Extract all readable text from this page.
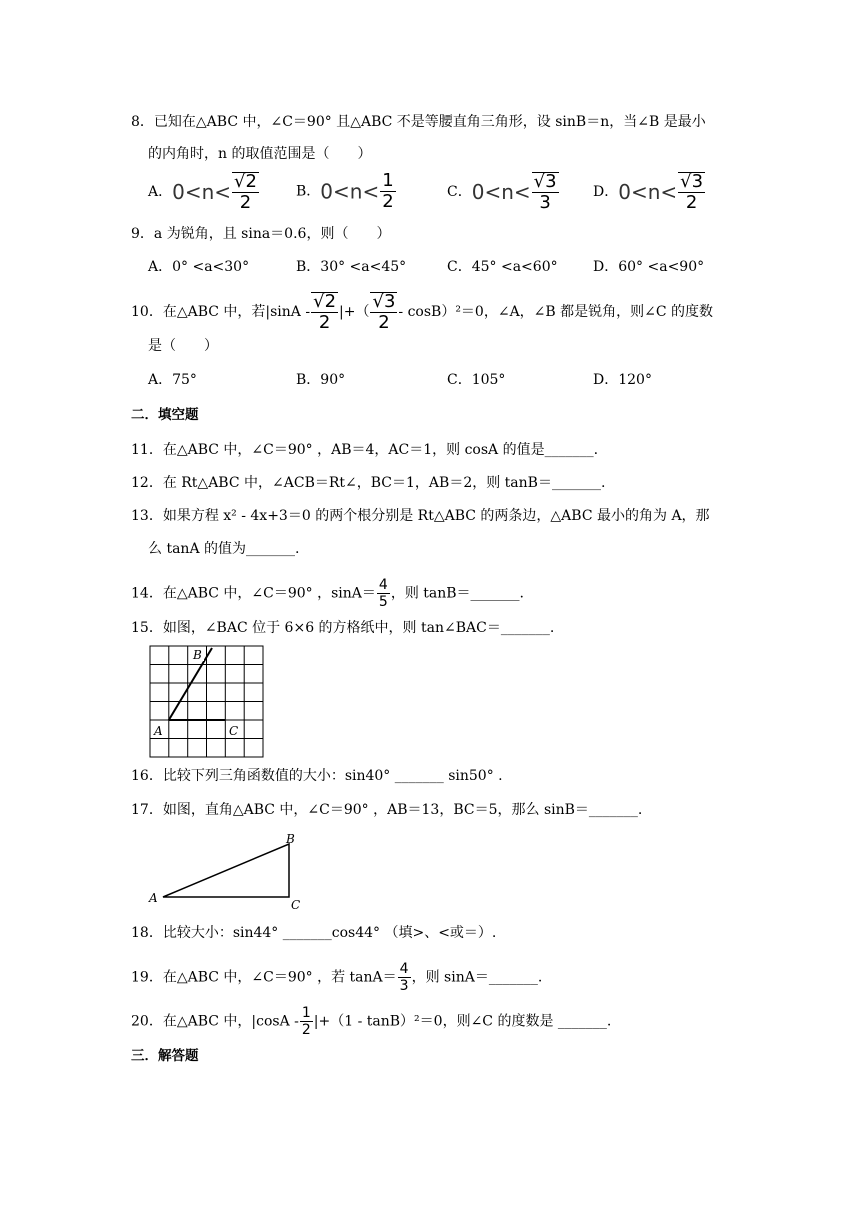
8．已知在△ABC 中，∠C＝90° 且△ABC 不是等腰直角三角形，设 sinB＝n，当∠B 是最小
的内角时，n 的取值范围是（　　）
A．$0<n< \frac{√2}{2}$	B．$0<n< \frac{1}{2}$	C．$0<n< \frac{√3}{3}$ D．$0<n< \frac{√3}{2}$
9．a 为锐角，且 sina＝0.6，则（　　）
A．0° <a<30°	B．30° <a<45°	C．45° <a<60°	D．60° <a<90°
10．在△ABC 中，若$|\sin A - \frac{√2}{2}$ |+（ $\frac{√3}{2} - \cos B)^2=0$，∠A，∠B 都是锐角，则∠C 的度数
是（　　）
A．75°	B．90°	C．105°	D．120°
二．填空题
11．在△ABC 中，∠C＝90° ，AB＝4，AC＝1，则 cosA 的值是_______.
12．在 Rt△ABC 中，∠ACB＝Rt∠，BC＝1，AB＝2，则 tanB＝_______.
13．如果方程 x² - 4x+3＝0 的两个根分别是 Rt△ABC 的两条边，△ABC 最小的角为 A，那
么 tanA 的值为_______.
14．在△ABC 中，∠C＝90° ，$\sin A= \frac{4}{5}$ ，则 tanB＝_______.
15．如图，∠BAC 位于 6×6 的方格纸中，则 tan∠BAC＝_______.
B
A	C
16．比较下列三角函数值的大小：sin40° _______ sin50° .
17．如图，直角△ABC 中，∠C＝90° ，AB＝13，BC＝5，那么 sinB＝_______.
A
B
C
18．比较大小：sin44° _______cos44° （填>、<或＝）.
19．在△ABC 中，∠C＝90° ，若 $\tan A= \frac{4}{3}$ ，则 sinA＝_______.
20．在△ABC 中，$|\cos A - \frac{1}{2} |+(1 - \tan B)^2=0$，则∠C 的度数是 _______.
三．解答题
